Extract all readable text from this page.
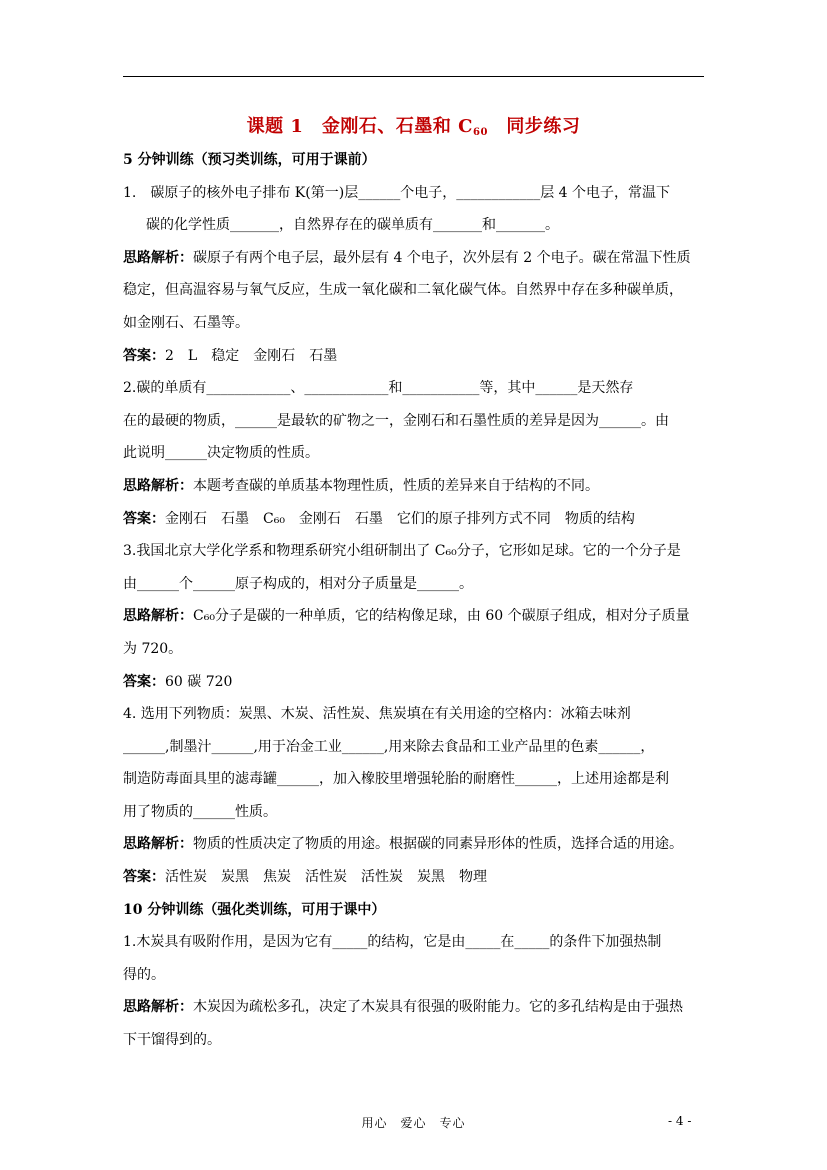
课题 1　金刚石、石墨和 $C_{60}$　同步练习
5 分钟训练（预习类训练，可用于课前）
1.　碳原子的核外电子排布 K(第一)层______个电子，____________层 4 个电子，常温下
碳的化学性质_______，自然界存在的碳单质有_______和_______。
思路解析：碳原子有两个电子层，最外层有 4 个电子，次外层有 2 个电子。碳在常温下性质
稳定，但高温容易与氧气反应，生成一氧化碳和二氧化碳气体。自然界中存在多种碳单质，
如金刚石、石墨等。
答案：2　L　稳定　金刚石　石墨
2.碳的单质有____________、____________和___________等，其中______是天然存
在的最硬的物质，______是最软的矿物之一，金刚石和石墨性质的差异是因为______。由
此说明______决定物质的性质。
思路解析：本题考查碳的单质基本物理性质，性质的差异来自于结构的不同。
答案：金刚石　石墨　C₆₀　金刚石　石墨　它们的原子排列方式不同　物质的结构
3.我国北京大学化学系和物理系研究小组研制出了 C₆₀分子，它形如足球。它的一个分子是
由______个______原子构成的，相对分子质量是______。
思路解析：C₆₀分子是碳的一种单质，它的结构像足球，由 60 个碳原子组成，相对分子质量
为 720。
答案：60 碳 720
4. 选用下列物质：炭黑、木炭、活性炭、焦炭填在有关用途的空格内：冰箱去味剂
______,制墨汁______,用于冶金工业______,用来除去食品和工业产品里的色素______，
制造防毒面具里的滤毒罐______，加入橡胶里增强轮胎的耐磨性______，上述用途都是利
用了物质的______性质。
思路解析：物质的性质决定了物质的用途。根据碳的同素异形体的性质，选择合适的用途。
答案：活性炭　炭黑　焦炭　活性炭　活性炭　炭黑　物理
10 分钟训练（强化类训练，可用于课中）
1.木炭具有吸附作用，是因为它有_____的结构，它是由_____在_____的条件下加强热制
得的。
思路解析：木炭因为疏松多孔，决定了木炭具有很强的吸附能力。它的多孔结构是由于强热
下干馏得到的。
用心　爱心　专心	- 4 -
